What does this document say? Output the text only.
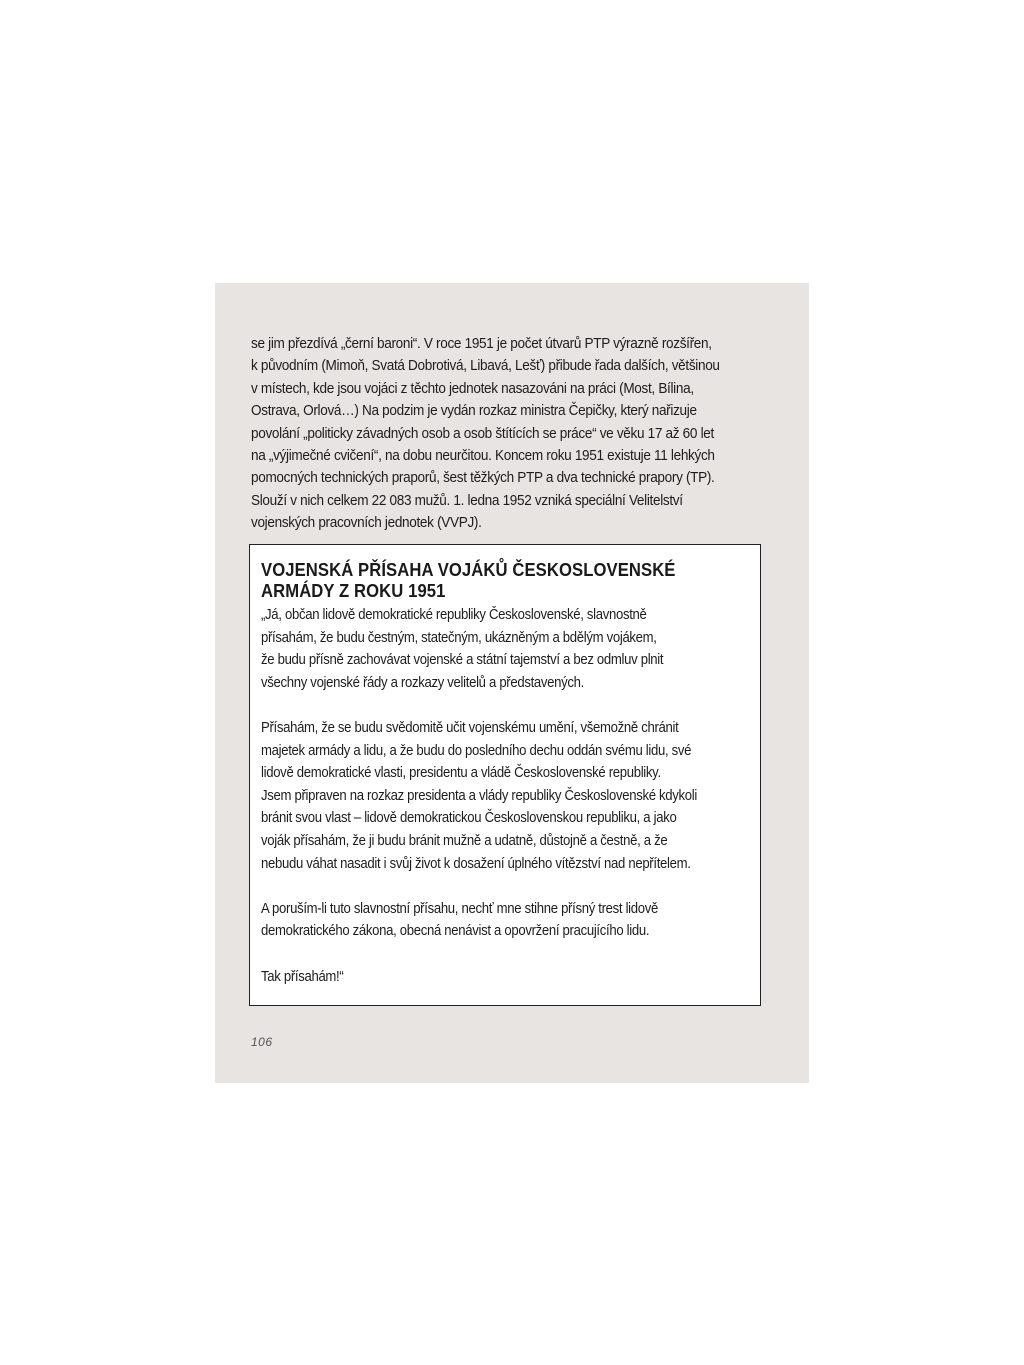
se jim přezdívá „černí baroni“. V roce 1951 je počet útvarů PTP výrazně rozšířen,
k původním (Mimoň, Svatá Dobrotivá, Libavá, Lešť) přibude řada dalších, většinou
v místech, kde jsou vojáci z těchto jednotek nasazováni na práci (Most, Bílina,
Ostrava, Orlová…) Na podzim je vydán rozkaz ministra Čepičky, který nařizuje
povolání „politicky závadných osob a osob štítících se práce“ ve věku 17 až 60 let
na „výjimečné cvičení“, na dobu neurčitou. Koncem roku 1951 existuje 11 lehkých
pomocných technických praporů, šest těžkých PTP a dva technické prapory (TP).
Slouží v nich celkem 22 083 mužů. 1. ledna 1952 vzniká speciální Velitelství
vojenských pracovních jednotek (VVPJ).

VOJENSKÁ PŘÍSAHA VOJÁKŮ ČESKOSLOVENSKÉ
ARMÁDY Z ROKU 1951

„Já, občan lidově demokratické republiky Československé, slavnostně
přísahám, že budu čestným, statečným, ukázněným a bdělým vojákem,
že budu přísně zachovávat vojenské a státní tajemství a bez odmluv plnit
všechny vojenské řády a rozkazy velitelů a představených.

Přísahám, že se budu svědomitě učit vojenskému umění, všemožně chránit
majetek armády a lidu, a že budu do posledního dechu oddán svému lidu, své
lidově demokratické vlasti, presidentu a vládě Československé republiky.
Jsem připraven na rozkaz presidenta a vlády republiky Československé kdykoli
bránit svou vlast – lidově demokratickou Československou republiku, a jako
voják přísahám, že ji budu bránit mužně a udatně, důstojně a čestně, a že
nebudu váhat nasadit i svůj život k dosažení úplného vítězství nad nepřítelem.

A poruším-li tuto slavnostní přísahu, nechť mne stihne přísný trest lidově
demokratického zákona, obecná nenávist a opovržení pracujícího lidu.

Tak přísahám!“

106
